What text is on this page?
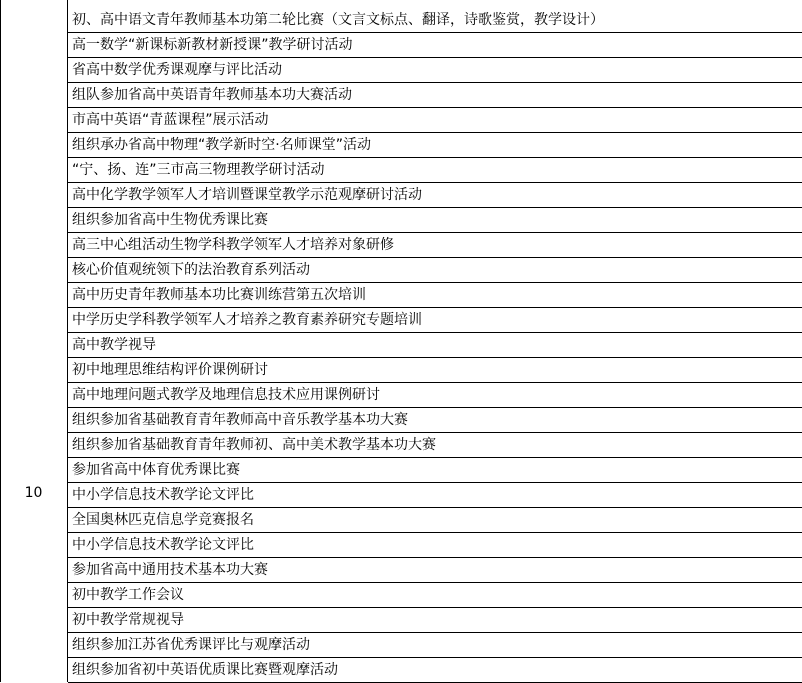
10
初、高中语文青年教师基本功第二轮比赛（文言文标点、翻译，诗歌鉴赏，教学设计）
高一数学“新课标新教材新授课”教学研讨活动
省高中数学优秀课观摩与评比活动
组队参加省高中英语青年教师基本功大赛活动
市高中英语“青蓝课程”展示活动
组织承办省高中物理“教学新时空·名师课堂”活动
“宁、扬、连”三市高三物理教学研讨活动
高中化学教学领军人才培训暨课堂教学示范观摩研讨活动
组织参加省高中生物优秀课比赛
高三中心组活动生物学科教学领军人才培养对象研修
核心价值观统领下的法治教育系列活动
高中历史青年教师基本功比赛训练营第五次培训
中学历史学科教学领军人才培养之教育素养研究专题培训
高中教学视导
初中地理思维结构评价课例研讨
高中地理问题式教学及地理信息技术应用课例研讨
组织参加省基础教育青年教师高中音乐教学基本功大赛
组织参加省基础教育青年教师初、高中美术教学基本功大赛
参加省高中体育优秀课比赛
中小学信息技术教学论文评比
全国奥林匹克信息学竞赛报名
中小学信息技术教学论文评比
参加省高中通用技术基本功大赛
初中教学工作会议
初中教学常规视导
组织参加江苏省优秀课评比与观摩活动
组织参加省初中英语优质课比赛暨观摩活动
